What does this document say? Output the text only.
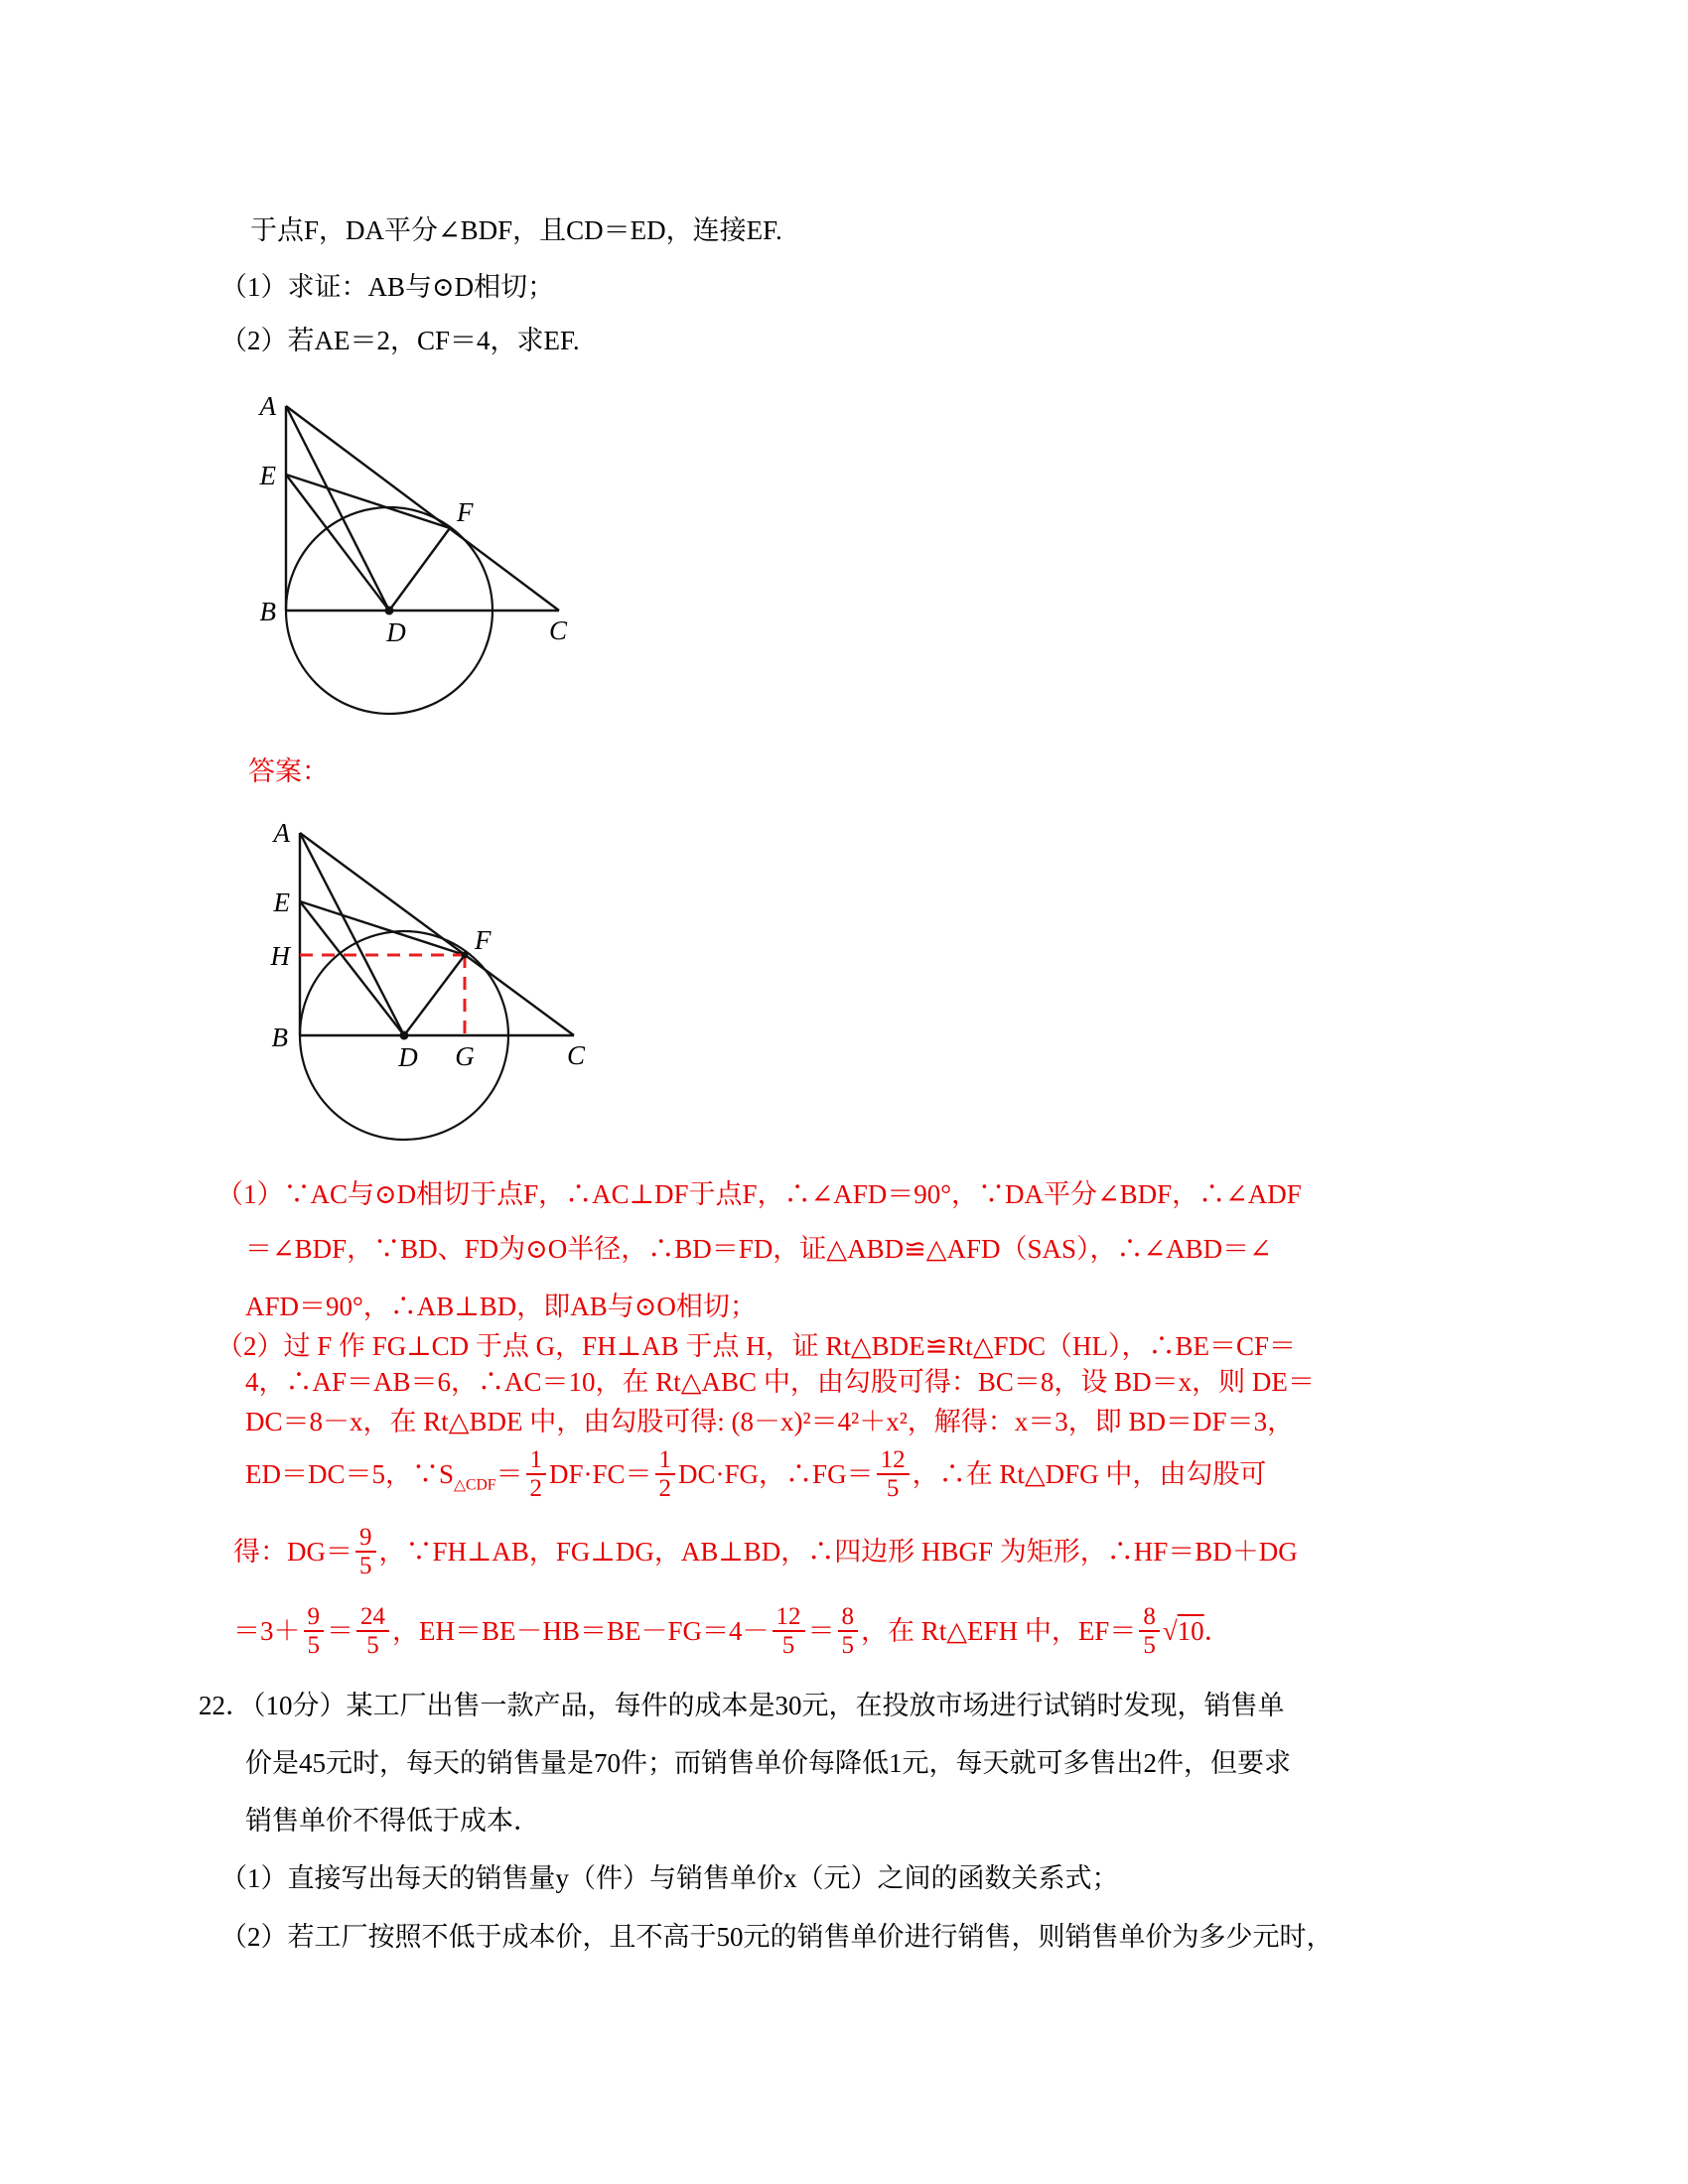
于点F，DA平分∠BDF，且CD＝ED，连接EF.
（1）求证：AB与⊙D相切；
（2）若AE＝2，CF＝4，求EF.
A
E
F
B
D	C
答案：
A
E
H
F
B
D G	C
（1）∵AC与⊙D相切于点F，∴AC⊥DF于点F，∴∠AFD＝90°，∵DA平分∠BDF，∴∠ADF
＝∠BDF，∵BD、FD为⊙O半径，∴BD＝FD，证△ABD≌△AFD（SAS），∴∠ABD＝∠
AFD＝90°，∴AB⊥BD，即AB与⊙O相切；
（2）过 F 作 FG⊥CD 于点 G，FH⊥AB 于点 H，证 Rt△BDE≌Rt△FDC（HL），∴BE＝CF＝
4，∴AF＝AB＝6，∴AC＝10，在 Rt△ABC 中，由勾股可得：BC＝8，设 BD＝x，则 DE＝
DC＝8－x，在 Rt△BDE 中，由勾股可得: (8－x)²＝4²＋x²，解得：x＝3，即 BD＝DF＝3，
ED＝DC＝5，$\because S_{\triangle CDF}= \frac{1}{2} DF\cdot FC= \frac{1}{2} DC\cdot FG$，∴FG＝ $\frac{12}{5}$ ，∴在 Rt△DFG 中，由勾股可
得：$DG= \frac{9}{5}$ ，∵FH⊥AB，FG⊥DG，AB⊥BD，∴四边形 HBGF 为矩形，∴HF＝BD＋DG
$=3+ \frac{9}{5} = \frac{24}{5}$ ，$EH=BE-HB=BE-FG=4- \frac{12}{5} = \frac{8}{5}$ ，在 Rt△EFH 中，$EF= \frac{8}{5} √10$．
22．（10分）某工厂出售一款产品，每件的成本是30元，在投放市场进行试销时发现，销售单
价是45元时，每天的销售量是70件；而销售单价每降低1元，每天就可多售出2件，但要求
销售单价不得低于成本．
（1）直接写出每天的销售量y（件）与销售单价x（元）之间的函数关系式；
（2）若工厂按照不低于成本价，且不高于50元的销售单价进行销售，则销售单价为多少元时，
